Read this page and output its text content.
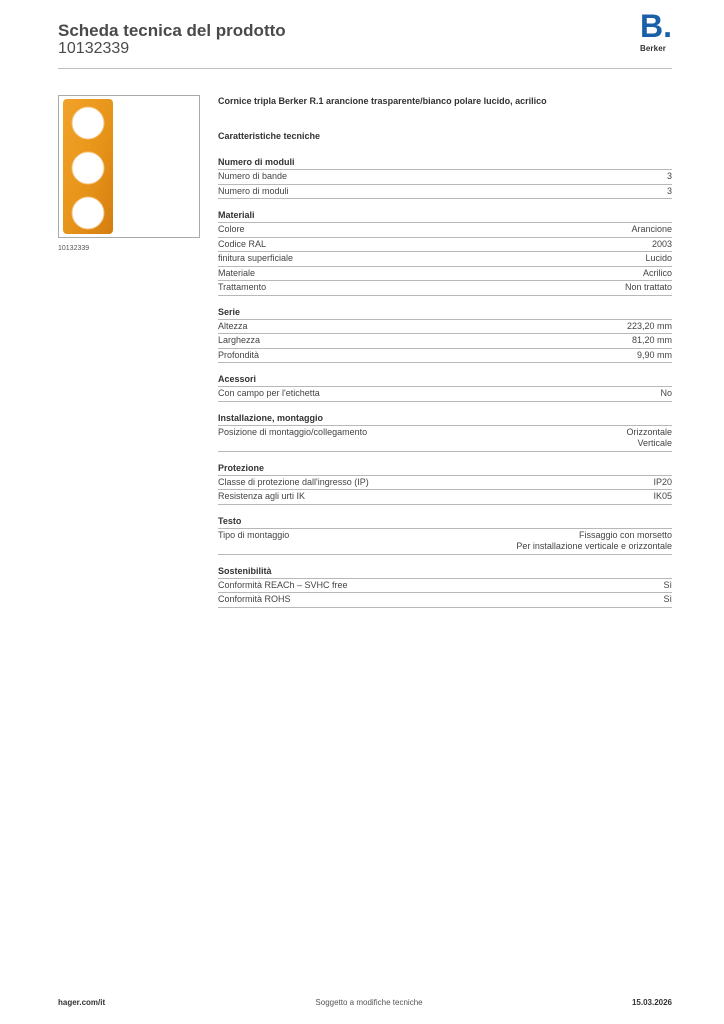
Scheda tecnica del prodotto
10132339
B.
Berker
10132339
Cornice tripla Berker R.1 arancione trasparente/bianco polare lucido, acrilico
Caratteristiche tecniche
Numero di moduli
Numero di bande	3
Numero di moduli	3
Materiali
Colore	Arancione
Codice RAL	2003
finitura superficiale	Lucido
Materiale	Acrilico
Trattamento	Non trattato
Serie
Altezza	223,20 mm
Larghezza	81,20 mm
Profondità	9,90 mm
Acessori
Con campo per l'etichetta	No
Installazione, montaggio
Posizione di montaggio/collegamento	Orizzontale
Verticale
Protezione
Classe di protezione dall'ingresso (IP)	IP20
Resistenza agli urti IK	IK05
Testo
Tipo di montaggio	Fissaggio con morsetto
Per installazione verticale e orizzontale
Sostenibilità
Conformità REACh – SVHC free	Sì
Conformità ROHS	Sì
hager.com/it	Soggetto a modifiche tecniche	15.03.2026
